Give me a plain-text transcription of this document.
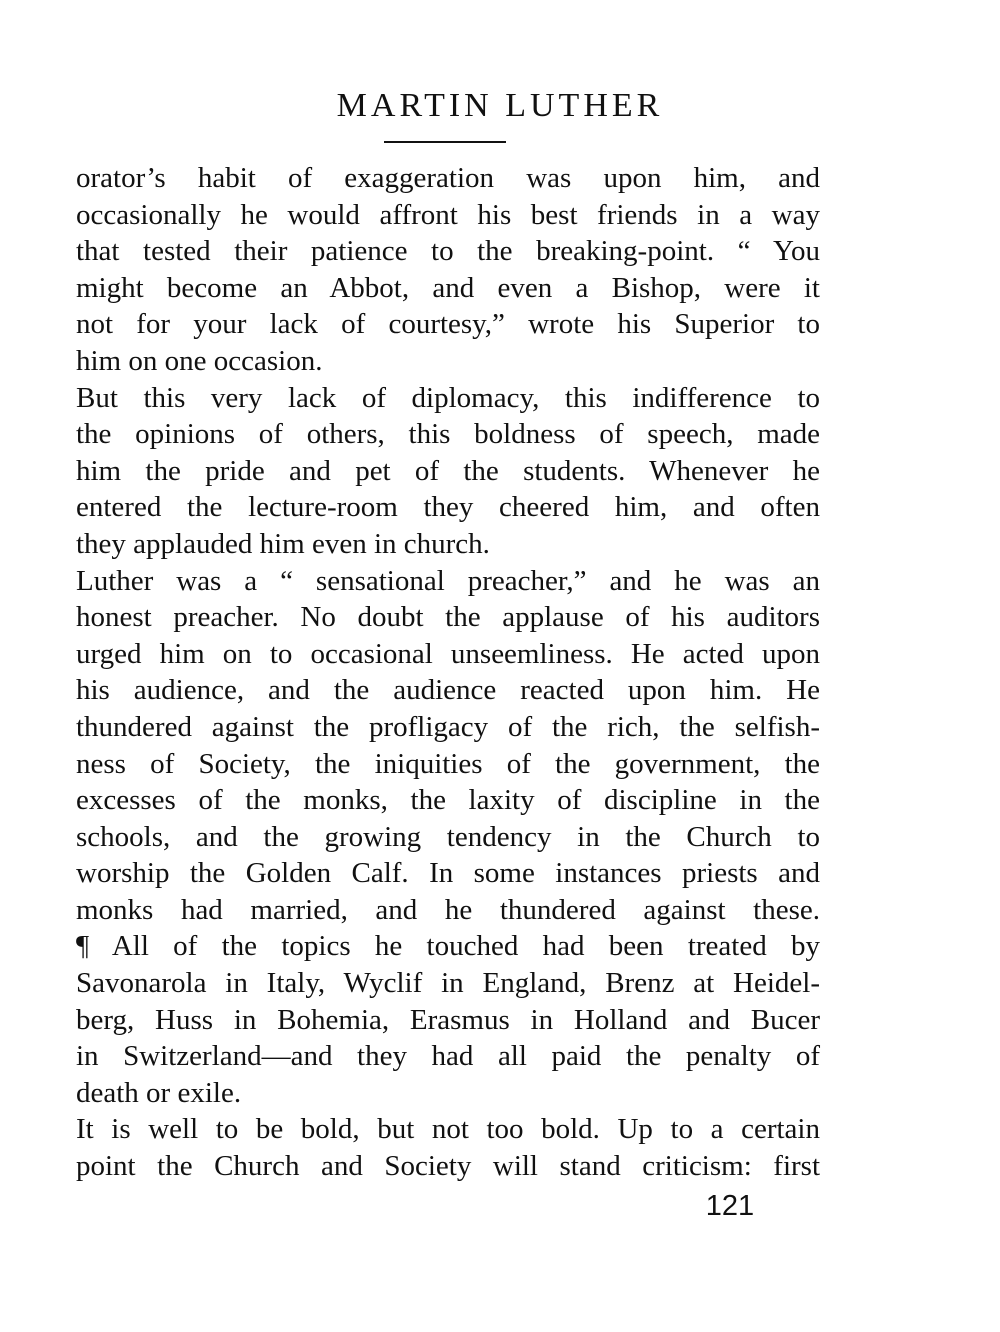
MARTIN LUTHER
orator’s habit of exaggeration was upon him, and
occasionally he would affront his best friends in a way
that tested their patience to the breaking-point. “ You
might become an Abbot, and even a Bishop, were it
not for your lack of courtesy,” wrote his Superior to
him on one occasion.
But this very lack of diplomacy, this indifference to
the opinions of others, this boldness of speech, made
him the pride and pet of the students. Whenever he
entered the lecture-room they cheered him, and often
they applauded him even in church.
Luther was a “ sensational preacher,” and he was an
honest preacher. No doubt the applause of his auditors
urged him on to occasional unseemliness. He acted upon
his audience, and the audience reacted upon him. He
thundered against the profligacy of the rich, the selfish-
ness of Society, the iniquities of the government, the
excesses of the monks, the laxity of discipline in the
schools, and the growing tendency in the Church to
worship the Golden Calf. In some instances priests and
monks had married, and he thundered against these.
¶ All of the topics he touched had been treated by
Savonarola in Italy, Wyclif in England, Brenz at Heidel-
berg, Huss in Bohemia, Erasmus in Holland and Bucer
in Switzerland—and they had all paid the penalty of
death or exile.
It is well to be bold, but not too bold. Up to a certain
point the Church and Society will stand criticism: first
121
